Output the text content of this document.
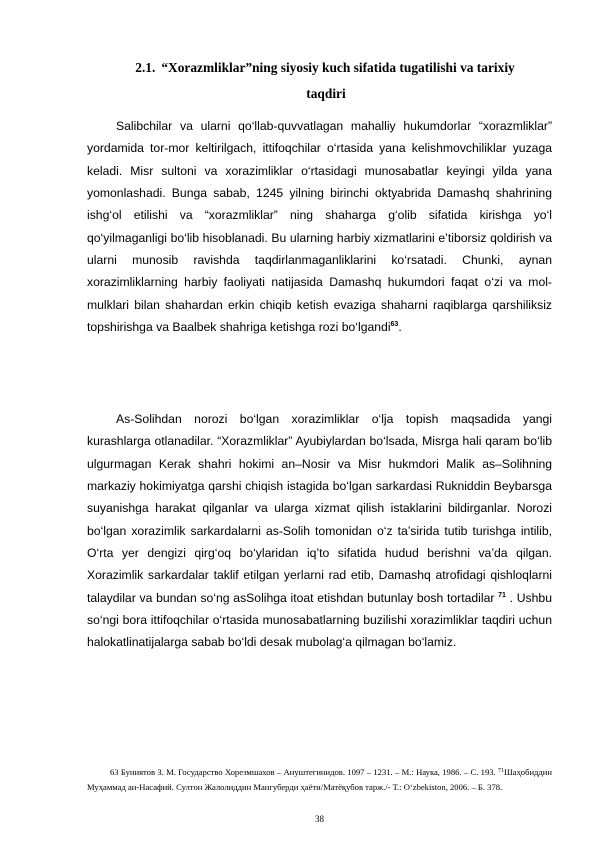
2.1. “Xorazmliklar”ning siyosiy kuch sifatida tugatilishi va tarixiy
taqdiri

Salibchilar va ularni qo‘llab-quvvatlagan mahalliy hukumdorlar “xorazmliklar” yordamida tor-mor keltirilgach, ittifoqchilar o‘rtasida yana kelishmovchiliklar yuzaga keladi. Misr sultoni va xorazimliklar o‘rtasidagi munosabatlar keyingi yilda yana yomonlashadi. Bunga sabab, 1245 yilning birinchi oktyabrida Damashq shahrining ishg‘ol etilishi va “xorazmliklar” ning shaharga g‘olib sifatida kirishga yo‘l qo‘yilmaganligi bo‘lib hisoblanadi. Bu ularning harbiy xizmatlarini e’tiborsiz qoldirish va ularni munosib ravishda taqdirlanmaganliklarini ko‘rsatadi. Chunki, aynan xorazimliklarning harbiy faoliyati natijasida Damashq hukumdori faqat o‘zi va mol-mulklari bilan shahardan erkin chiqib ketish evaziga shaharni raqiblarga qarshiliksiz topshirishga va Baalbek shahriga ketishga rozi bo‘lgandi$^{63}$.

As-Solihdan norozi bo‘lgan xorazimliklar o‘lja topish maqsadida yangi kurashlarga otlanadilar. “Xorazmliklar” Ayubiylardan bo‘lsada, Misrga hali qaram bo‘lib ulgurmagan Kerak shahri hokimi an–Nosir va Misr hukmdori Malik as–Solihning markaziy hokimiyatga qarshi chiqish istagida bo‘lgan sarkardasi Rukniddin Beybarsga suyanishga harakat qilganlar va ularga xizmat qilish istaklarini bildirganlar. Norozi bo‘lgan xorazimlik sarkardalarni as-Solih tomonidan o‘z ta’sirida tutib turishga intilib, O‘rta yer dengizi qirg‘oq bo‘ylaridan iq’to sifatida hudud berishni va’da qilgan. Xorazimlik sarkardalar taklif etilgan yerlarni rad etib, Damashq atrofidagi qishloqlarni talaydilar va bundan so‘ng asSolihga itoat etishdan butunlay bosh tortadilar $^{71}$ . Ushbu so‘ngi bora ittifoqchilar o‘rtasida munosabatlarning buzilishi xorazimliklar taqdiri uchun halokatlinatijalarga sabab bo‘ldi desak mubolag‘a qilmagan bo‘lamiz.

63 Буниятов З. М. Государство Хорезмшахов – Ануштегинидов. 1097 – 1231. – М.: Наука, 1986. – С. 193. $^{71}$Шаҳобиддин Муҳаммад ан-Насафий. Султон Жалолиддин Мангуберди ҳаёти/Матёқубов тарж./- Т.: O‘zbekiston, 2006. – Б. 378.
38
